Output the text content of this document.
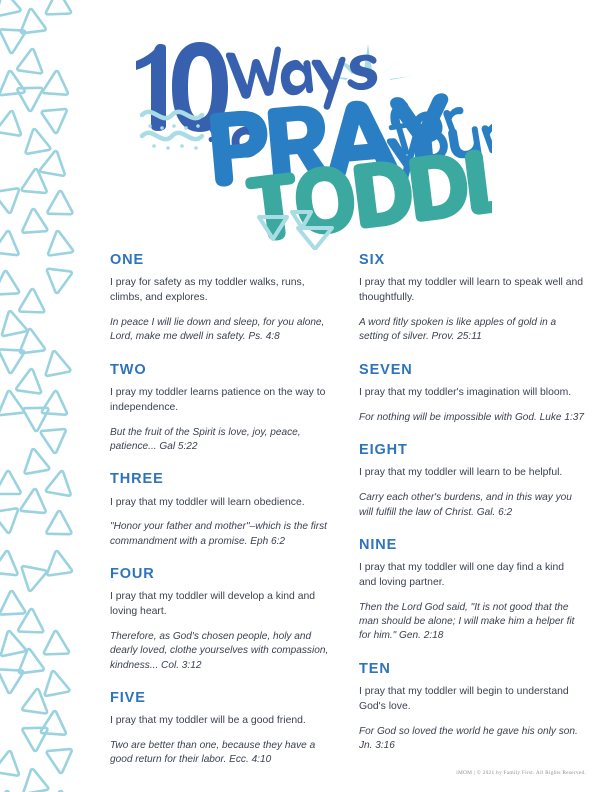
ONE
I pray for safety as my toddler walks, runs, climbs, and explores.
In peace I will lie down and sleep, for you alone, Lord, make me dwell in safety. Ps. 4:8
TWO
I pray my toddler learns patience on the way to independence.
But the fruit of the Spirit is love, joy, peace, patience... Gal 5:22
THREE
I pray that my toddler will learn obedience.
"Honor your father and mother"–which is the first commandment with a promise. Eph 6:2
FOUR
I pray that my toddler will develop a kind and loving heart.
Therefore, as God's chosen people, holy and dearly loved, clothe yourselves with compassion, kindness... Col. 3:12
FIVE
I pray that my toddler will be a good friend.
Two are better than one, because they have a good return for their labor. Ecc. 4:10
SIX
I pray that my toddler will learn to speak well and thoughtfully.
A word fitly spoken is like apples of gold in a setting of silver. Prov. 25:11
SEVEN
I pray that my toddler's imagination will bloom.
For nothing will be impossible with God. Luke 1:37
EIGHT
I pray that my toddler will learn to be helpful.
Carry each other's burdens, and in this way you will fulfill the law of Christ. Gal. 6:2
NINE
I pray that my toddler will one day find a kind and loving partner.
Then the Lord God said, "It is not good that the man should be alone; I will make him a helper fit for him." Gen. 2:18
TEN
I pray that my toddler will begin to understand God's love.
For God so loved the world he gave his only son. Jn. 3:16
iMOM | © 2021 by Family First. All Rights Reserved.
